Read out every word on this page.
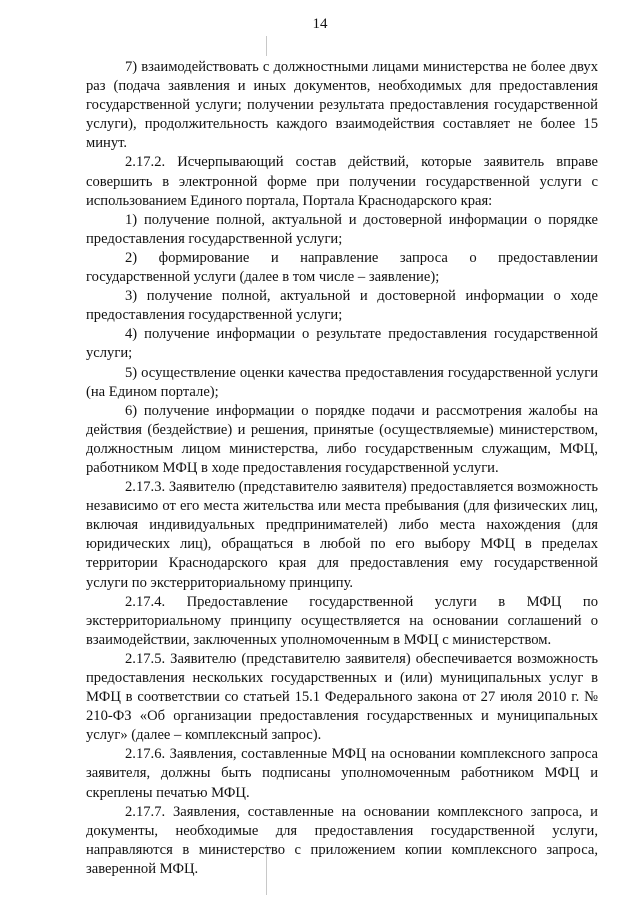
14

7) взаимодействовать с должностными лицами министерства не более двух раз (подача заявления и иных документов, необходимых для предоставления государственной услуги; получении результата предоставления государственной услуги), продолжительность каждого взаимодействия составляет не более 15 минут.

2.17.2. Исчерпывающий состав действий, которые заявитель вправе совершить в электронной форме при получении государственной услуги с использованием Единого портала, Портала Краснодарского края:

1) получение полной, актуальной и достоверной информации о порядке предоставления государственной услуги;

2) формирование и направление запроса о предоставлении государственной услуги (далее в том числе – заявление);

3) получение полной, актуальной и достоверной информации о ходе предоставления государственной услуги;

4) получение информации о результате предоставления государственной услуги;

5) осуществление оценки качества предоставления государственной услуги (на Едином портале);

6) получение информации о порядке подачи и рассмотрения жалобы на действия (бездействие) и решения, принятые (осуществляемые) министерством, должностным лицом министерства, либо государственным служащим, МФЦ, работником МФЦ в ходе предоставления государственной услуги.

2.17.3. Заявителю (представителю заявителя) предоставляется возможность независимо от его места жительства или места пребывания (для физических лиц, включая индивидуальных предпринимателей) либо места нахождения (для юридических лиц), обращаться в любой по его выбору МФЦ в пределах территории Краснодарского края для предоставления ему государственной услуги по экстерриториальному принципу.

2.17.4. Предоставление государственной услуги в МФЦ по экстерриториальному принципу осуществляется на основании соглашений о взаимодействии, заключенных уполномоченным в МФЦ с министерством.

2.17.5. Заявителю (представителю заявителя) обеспечивается возможность предоставления нескольких государственных и (или) муниципальных услуг в МФЦ в соответствии со статьей 15.1 Федерального закона от 27 июля 2010 г. № 210-ФЗ «Об организации предоставления государственных и муниципальных услуг» (далее – комплексный запрос).

2.17.6. Заявления, составленные МФЦ на основании комплексного запроса заявителя, должны быть подписаны уполномоченным работником МФЦ и скреплены печатью МФЦ.

2.17.7. Заявления, составленные на основании комплексного запроса, и документы, необходимые для предоставления государственной услуги, направляются в министерство с приложением копии комплексного запроса, заверенной МФЦ.
